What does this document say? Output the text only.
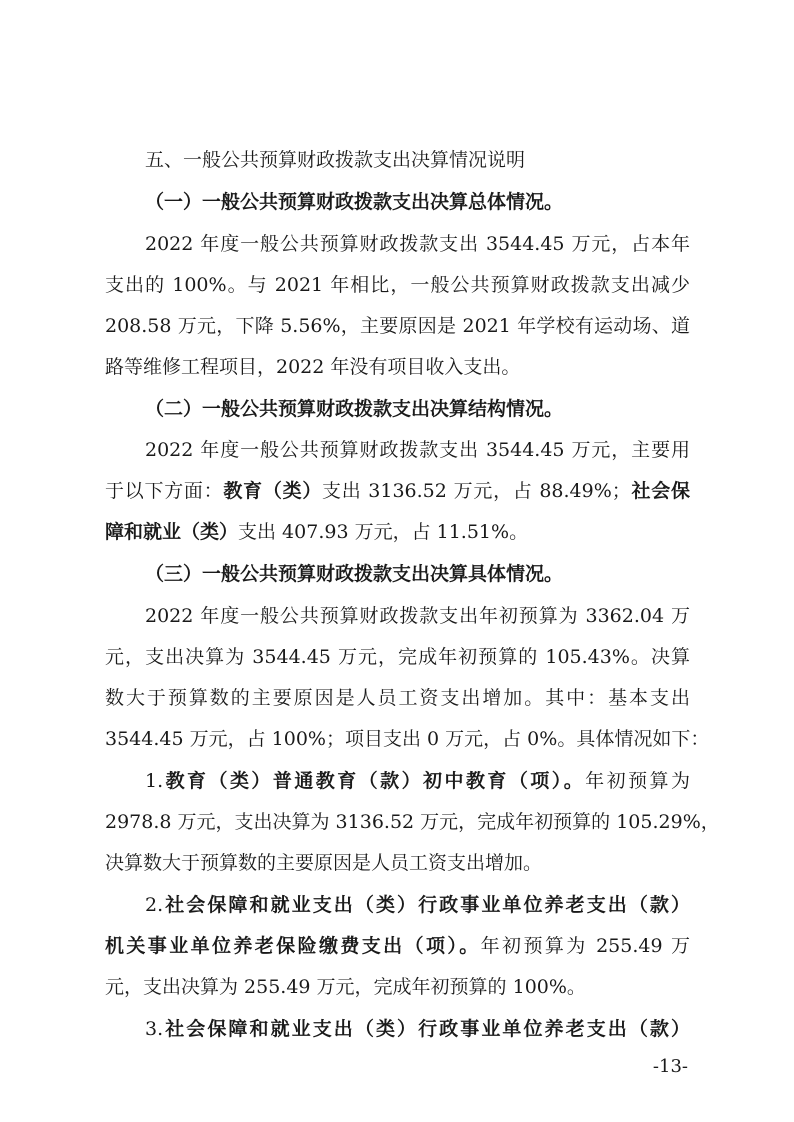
五、一般公共预算财政拨款支出决算情况说明
（一）一般公共预算财政拨款支出决算总体情况。
2022 年度一般公共预算财政拨款支出 3544.45 万元，占本年
支出的 100%。与 2021 年相比，一般公共预算财政拨款支出减少
208.58 万元，下降 5.56%，主要原因是 2021 年学校有运动场、道
路等维修工程项目，2022 年没有项目收入支出。
（二）一般公共预算财政拨款支出决算结构情况。
2022 年度一般公共预算财政拨款支出 3544.45 万元，主要用
于以下方面：教育（类）支出 3136.52 万元，占 88.49%；社会保
障和就业（类）支出 407.93 万元，占 11.51%。
（三）一般公共预算财政拨款支出决算具体情况。
2022 年度一般公共预算财政拨款支出年初预算为 3362.04 万
元，支出决算为 3544.45 万元，完成年初预算的 105.43%。决算
数大于预算数的主要原因是人员工资支出增加。其中：基本支出
3544.45 万元，占 100%；项目支出 0 万元，占 0%。具体情况如下：
1.教育（类）普通教育（款）初中教育（项）。年初预算为
2978.8 万元，支出决算为 3136.52 万元，完成年初预算的 105.29%，
决算数大于预算数的主要原因是人员工资支出增加。
2.社会保障和就业支出（类）行政事业单位养老支出（款）
机关事业单位养老保险缴费支出（项）。年初预算为 255.49 万
元，支出决算为 255.49 万元，完成年初预算的 100%。
3.社会保障和就业支出（类）行政事业单位养老支出（款）
-13-
